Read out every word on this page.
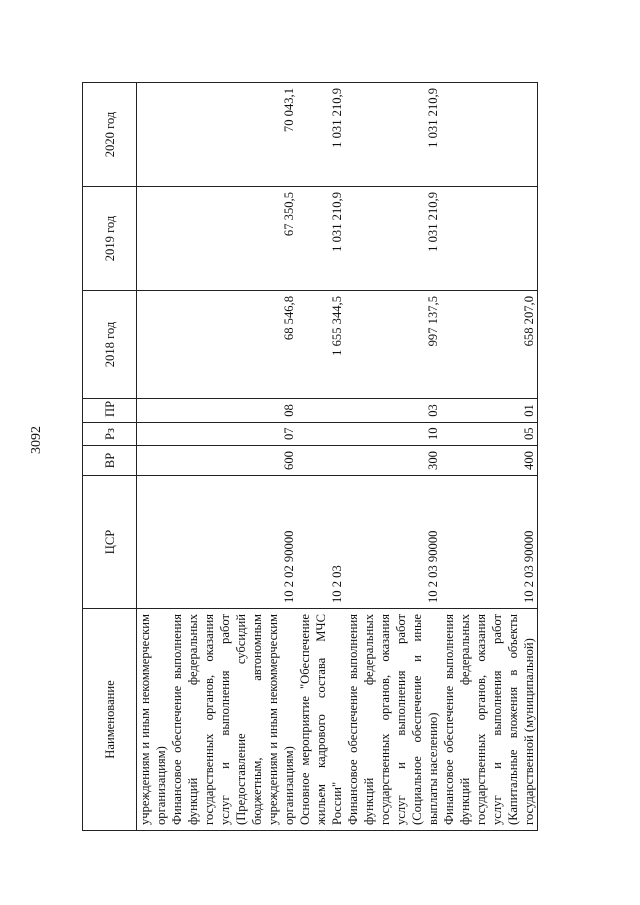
3092
Наименование	ЦСР	ВР	Рз	ПР	2018 год	2019 год	2020 год
учреждениям и иным некоммерческим организациям)							
Финансовое обеспечение выполнения функций федеральных государственных органов, оказания услуг и выполнения работ (Предоставление субсидий бюджетным, автономным учреждениям и иным некоммерческим организациям)	10 2 02 90000	600	07	08	68 546,8	67 350,5	70 043,1
Основное мероприятие "Обеспечение жильем кадрового состава МЧС России"	10 2 03				1 655 344,5	1 031 210,9	1 031 210,9
Финансовое обеспечение выполнения функций федеральных государственных органов, оказания услуг и выполнения работ (Социальное обеспечение и иные выплаты населению)	10 2 03 90000	300	10	03	997 137,5	1 031 210,9	1 031 210,9
Финансовое обеспечение выполнения функций федеральных государственных органов, оказания услуг и выполнения работ (Капитальные вложения в объекты государственной (муниципальной)	10 2 03 90000	400	05	01	658 207,0		
